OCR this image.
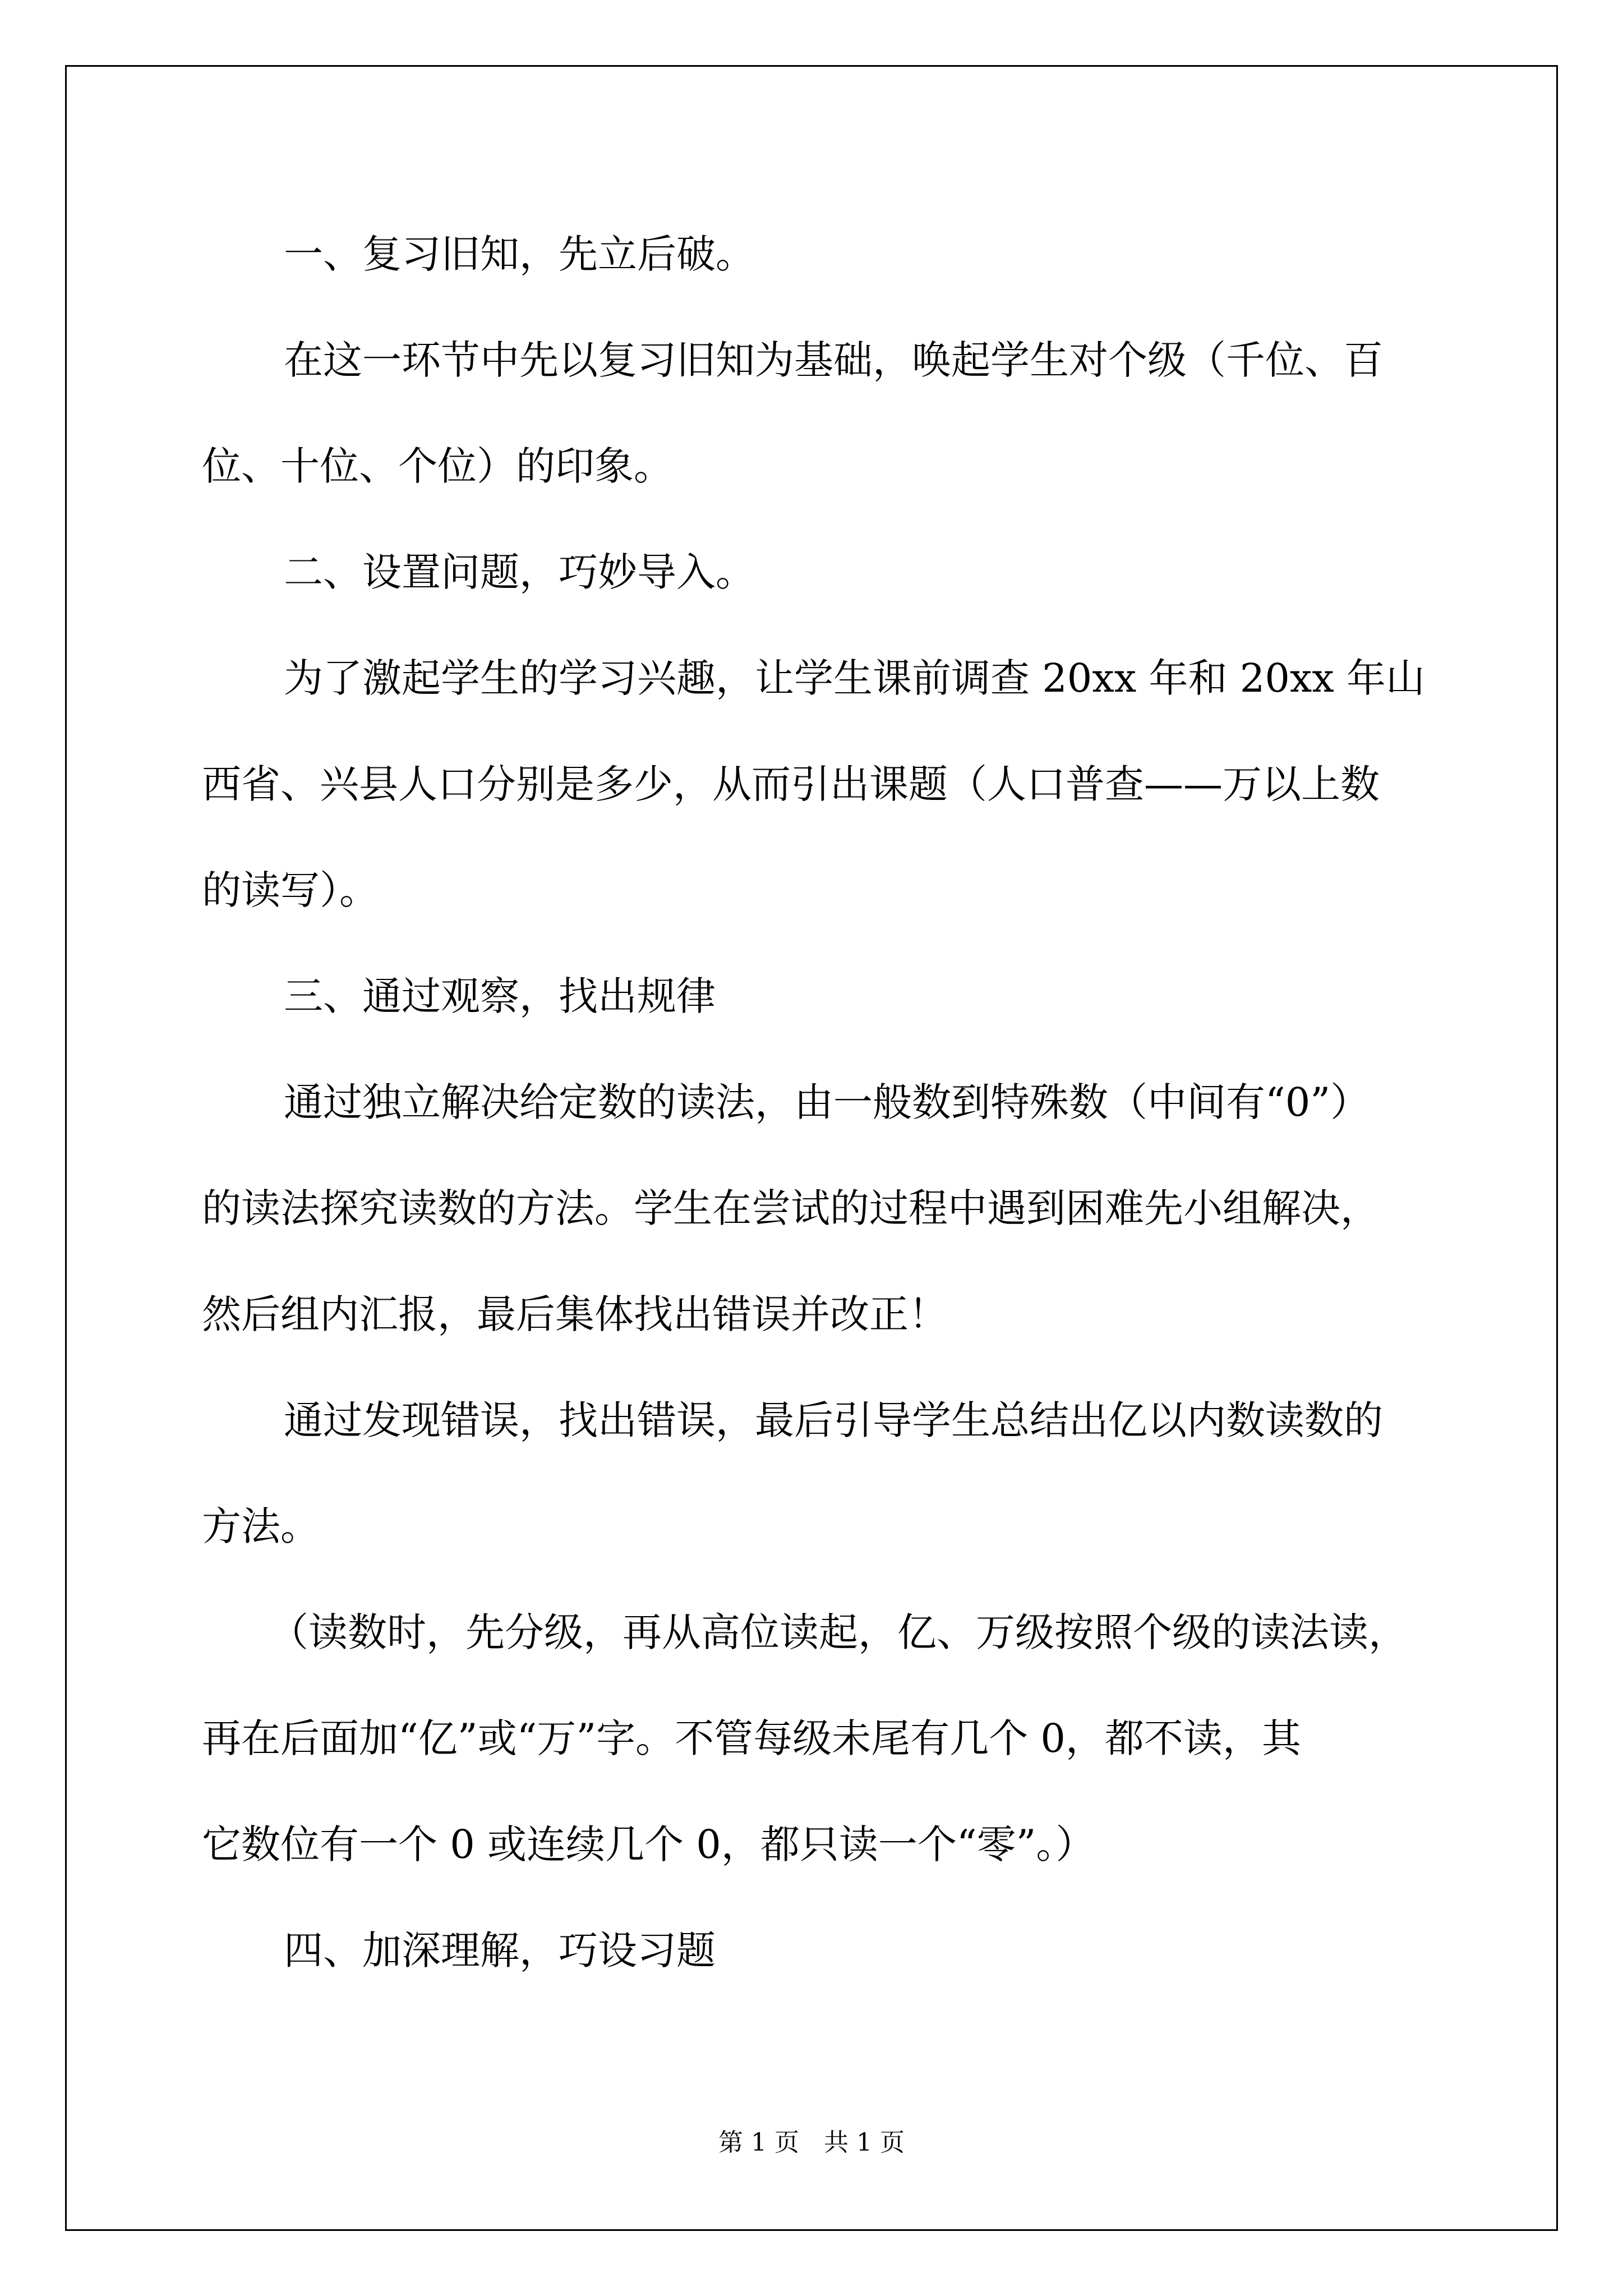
一、复习旧知，先立后破。
在这一环节中先以复习旧知为基础，唤起学生对个级（千位、百
位、十位、个位）的印象。
二、设置问题，巧妙导入。
为了激起学生的学习兴趣，让学生课前调查 20xx 年和 20xx 年山
西省、兴县人口分别是多少，从而引出课题（人口普查——万以上数
的读写）。
三、通过观察，找出规律
通过独立解决给定数的读法，由一般数到特殊数（中间有“0”）
的读法探究读数的方法。学生在尝试的过程中遇到困难先小组解决，
然后组内汇报，最后集体找出错误并改正！
通过发现错误，找出错误，最后引导学生总结出亿以内数读数的
方法。
（读数时，先分级，再从高位读起，亿、万级按照个级的读法读，
再在后面加“亿”或“万”字。不管每级未尾有几个 0，都不读，其
它数位有一个 0 或连续几个 0，都只读一个“零”。）
四、加深理解，巧设习题
第 1 页　共 1 页
